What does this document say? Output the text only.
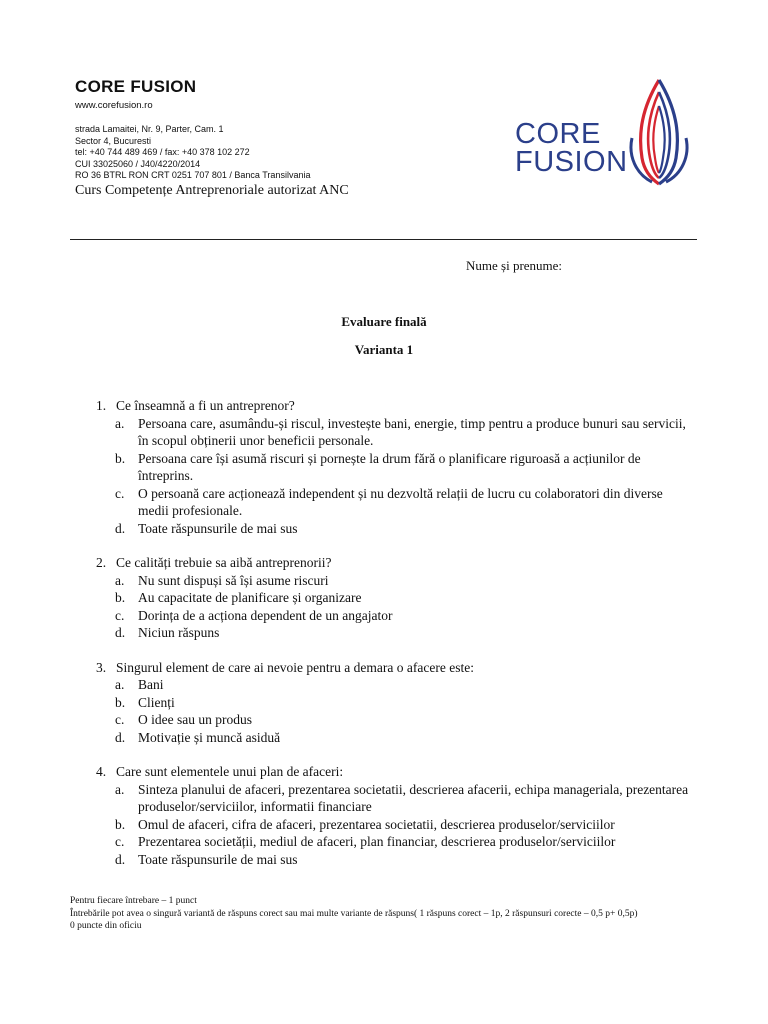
CORE FUSION
www.corefusion.ro
strada Lamaitei, Nr. 9, Parter, Cam. 1
Sector 4, Bucuresti
tel: +40 744 489 469 / fax: +40 378 102 272
CUI 33025060 / J40/4220/2014
RO 36 BTRL RON CRT 0251 707 801 / Banca Transilvania
Curs Competențe Antreprenoriale autorizat ANC
CORE
FUSION
Nume și prenume:
Evaluare finală
Varianta 1
1. Ce înseamnă a fi un antreprenor?
a.	Persoana care, asumându-și riscul, investește bani, energie, timp pentru a produce bunuri sau servicii, în scopul obținerii unor beneficii personale.
b. Persoana care își asumă riscuri și pornește la drum fără o planificare riguroasă a acțiunilor de întreprins.
c.	O persoană care acționează independent și nu dezvoltă relații de lucru cu colaboratori din diverse medii profesionale.
d. Toate răspunsurile de mai sus
2. Ce calități trebuie sa aibă antreprenorii?
a.	Nu sunt dispuși să își asume riscuri
b. Au capacitate de planificare și organizare
c.	Dorința de a acționa dependent de un angajator
d. Niciun răspuns
3. Singurul element de care ai nevoie pentru a demara o afacere este:
a.	Bani
b. Clienți
c.	O idee sau un produs
d. Motivație și muncă asiduă
4. Care sunt elementele unui plan de afaceri:
a.	Sinteza planului de afaceri, prezentarea societatii, descrierea afacerii, echipa manageriala, prezentarea produselor/serviciilor, informatii financiare
b. Omul de afaceri, cifra de afaceri, prezentarea societatii, descrierea produselor/serviciilor
c.	Prezentarea societății, mediul de afaceri, plan financiar, descrierea produselor/serviciilor
d. Toate răspunsurile de mai sus
Pentru fiecare întrebare – 1 punct
Întrebările pot avea o singură variantă de răspuns corect sau mai multe variante de răspuns( 1 răspuns corect – 1p, 2 răspunsuri corecte – 0,5 p+ 0,5p)
0 puncte din oficiu
